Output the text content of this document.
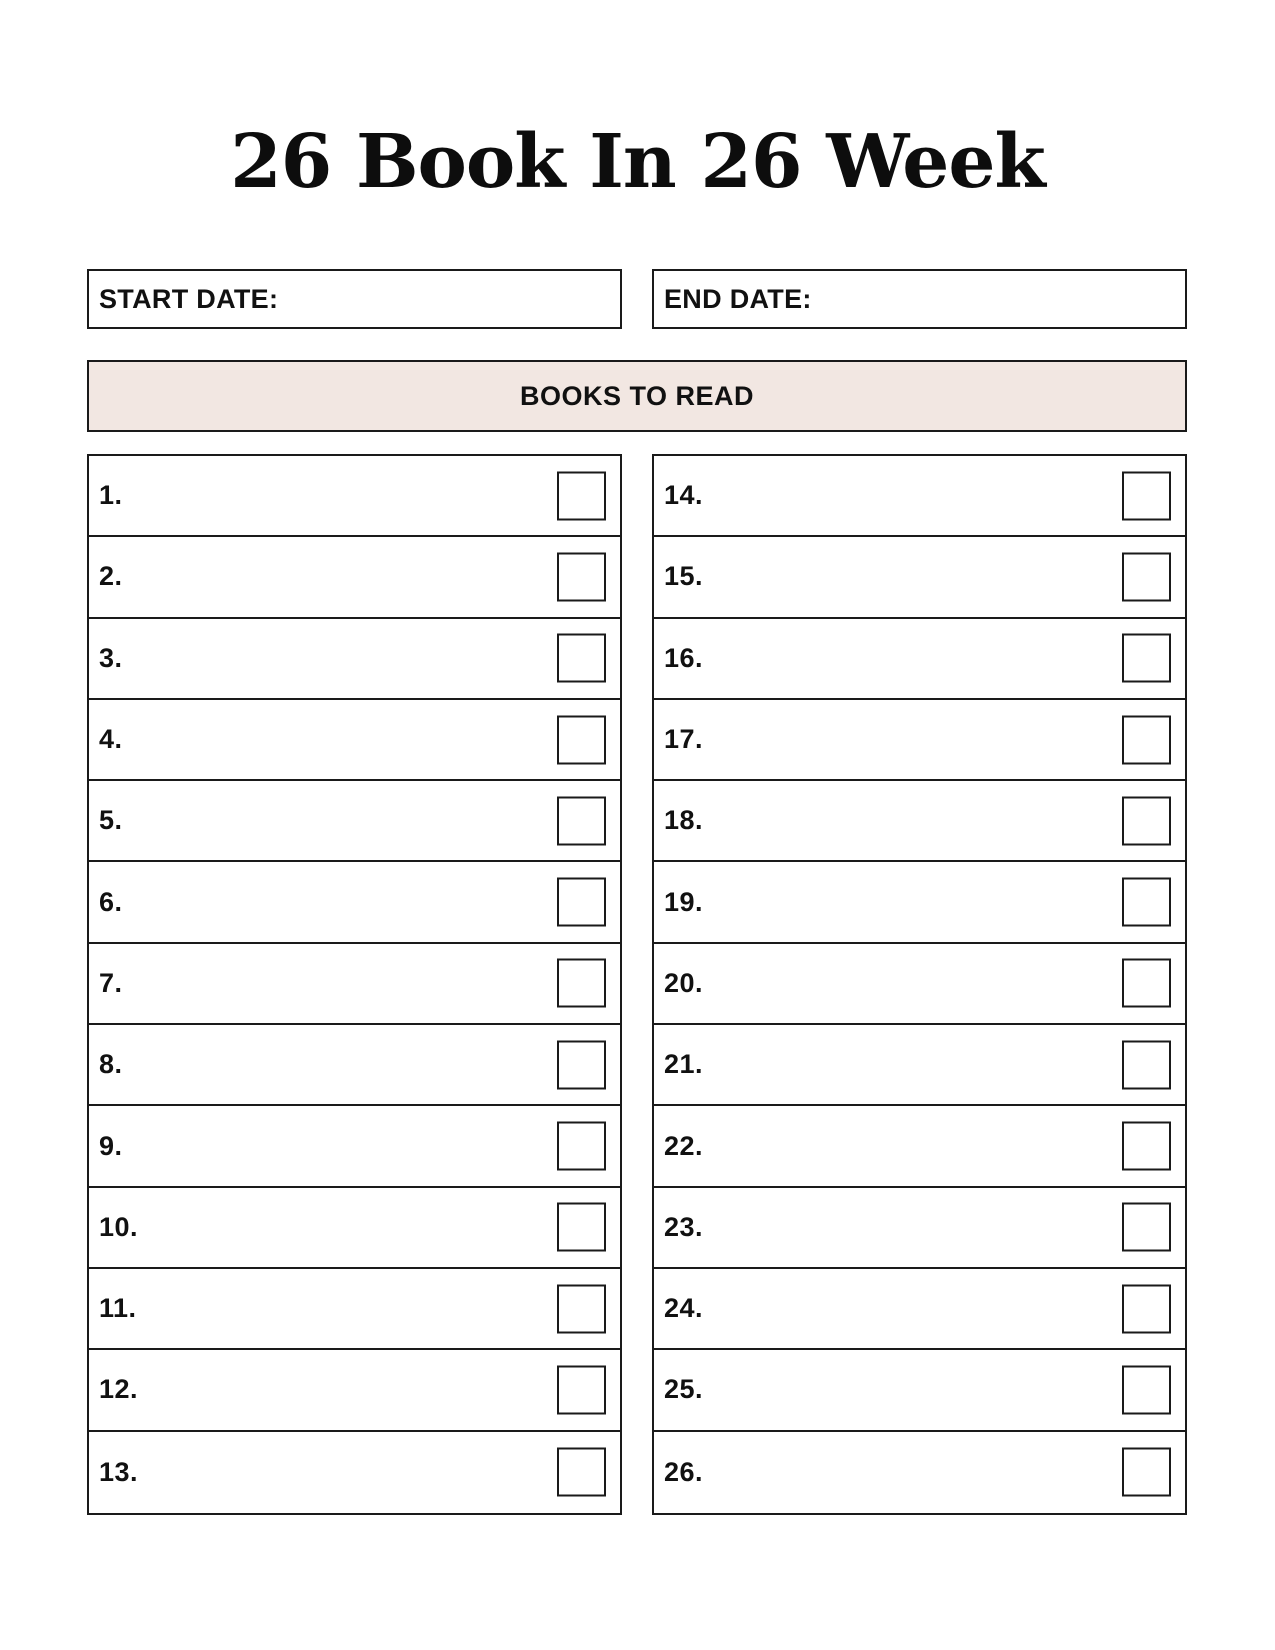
26 Book In 26 Week
START DATE:	END DATE:
BOOKS TO READ
1.
2.
3.
4.
5.
6.
7.
8.
9.
10.
11.
12.
13.
14.
15.
16.
17.
18.
19.
20.
21.
22.
23.
24.
25.
26.
